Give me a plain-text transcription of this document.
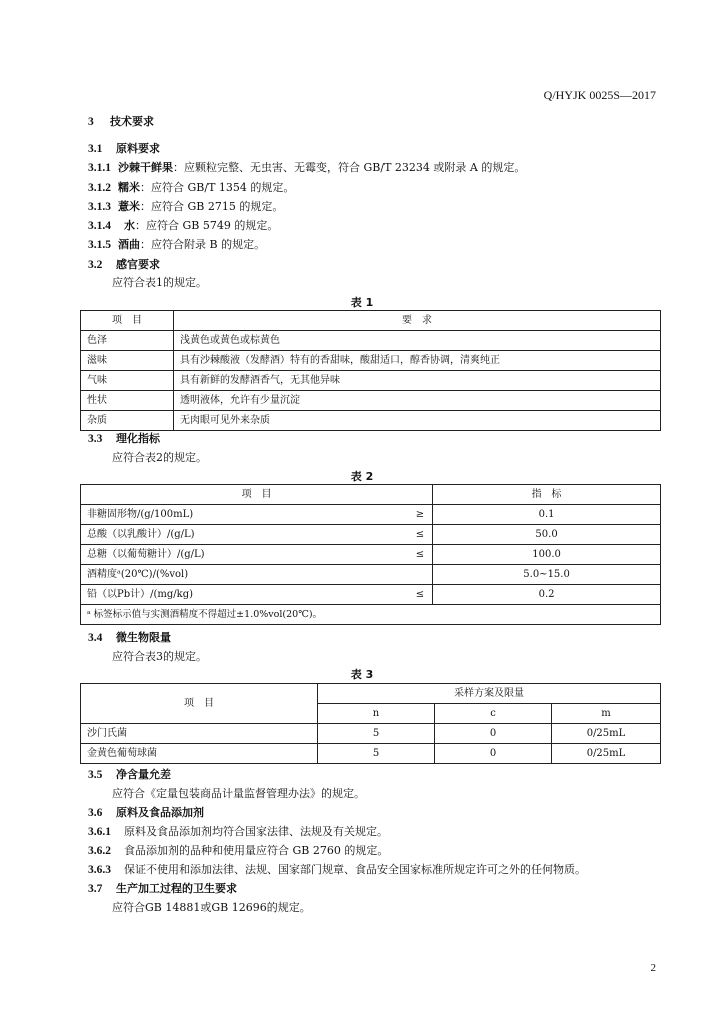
Q/HYJK 0025S—2017
3 技术要求
3.1 原料要求
3.1.1 沙棘干鲜果：应颗粒完整、无虫害、无霉变，符合 GB/T 23234 或附录 A 的规定。
3.1.2 糯米：应符合 GB/T 1354 的规定。
3.1.3 薏米：应符合 GB 2715 的规定。
3.1.4 水：应符合 GB 5749 的规定。
3.1.5 酒曲：应符合附录 B 的规定。
3.2 感官要求
应符合表1的规定。
表 1
项　目	要　求
色泽	浅黄色或黄色或棕黄色
滋味	具有沙棘酸液（发酵酒）特有的香甜味，酸甜适口，醇香协调，清爽纯正
气味	具有新鲜的发酵酒香气，无其他异味
性状	透明液体，允许有少量沉淀
杂质	无肉眼可见外来杂质
3.3 理化指标
应符合表2的规定。
表 2
项　目		指　标
非糖固形物/(g/100mL)	≥	0.1
总酸（以乳酸计）/(g/L)	≤	50.0
总糖（以葡萄糖计）/(g/L)	≤	100.0
酒精度ᵃ(20℃)/(%vol)		5.0~15.0
铅（以Pb计）/(mg/kg)	≤	0.2
ᵃ 标签标示值与实测酒精度不得超过±1.0%vol(20℃)。		
3.4 微生物限量
应符合表3的规定。
表 3
项　目	采样方案及限量		
	n	c	m
沙门氏菌	5	0	0/25mL
金黄色葡萄球菌	5	0	0/25mL
3.5 净含量允差
应符合《定量包装商品计量监督管理办法》的规定。
3.6 原料及食品添加剂
3.6.1 原料及食品添加剂均符合国家法律、法规及有关规定。
3.6.2 食品添加剂的品种和使用量应符合 GB 2760 的规定。
3.6.3 保证不使用和添加法律、法规、国家部门规章、食品安全国家标准所规定许可之外的任何物质。
3.7 生产加工过程的卫生要求
应符合GB 14881或GB 12696的规定。
2
